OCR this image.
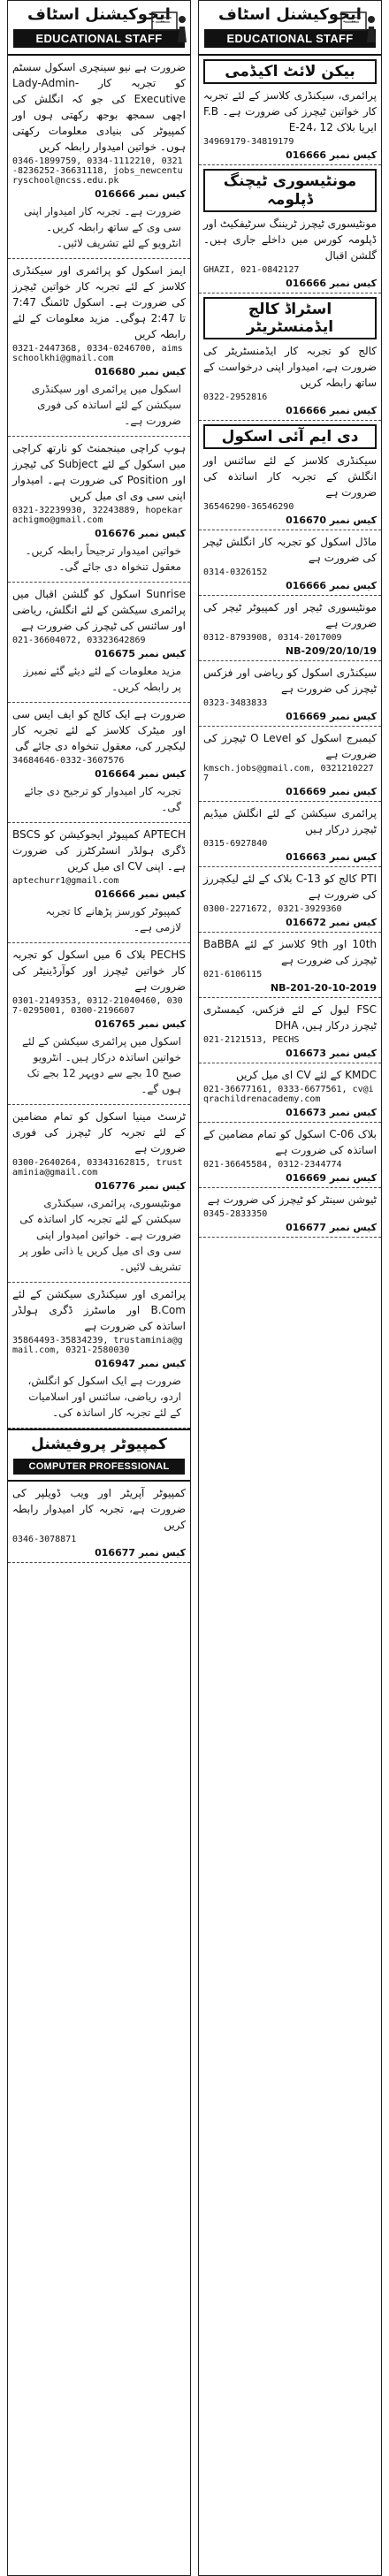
ایجوکیشنل اسٹاف
EDUCATIONAL STAFF
ضرورت ہے نیو سینچری اسکول سسٹم کو تجربہ کار Lady-Admin-Executive کی جو کہ انگلش کی اچھی سمجھ بوجھ رکھتی ہوں اور کمپیوٹر کی بنیادی معلومات رکھتی ہوں۔ خواتین امیدوار رابطہ کریں
0346-1899759, 0334-1112210, 0321-8236252-36631118, jobs_newcenturyschool@ncss.edu.pk
کیس نمبر 016666
ضرورت ہے۔ تجربہ کار امیدوار اپنی سی وی کے ساتھ رابطہ کریں۔ انٹرویو کے لئے تشریف لائیں۔
ایمز اسکول کو پرائمری اور سیکنڈری کلاسز کے لئے تجربہ کار خواتین ٹیچرز کی ضرورت ہے۔ اسکول ٹائمنگ 7:47 تا 2:47 ہوگی۔ مزید معلومات کے لئے رابطہ کریں
0321-2447368, 0334-0246700, aimsschoolkhi@gmail.com
کیس نمبر 016680
اسکول میں پرائمری اور سیکنڈری سیکشن کے لئے اساتذہ کی فوری ضرورت ہے۔
ہوپ کراچی مینجمنٹ کو نارتھ کراچی میں اسکول کے لئے Subject کی ٹیچرز اور Position کی ضرورت ہے۔ امیدوار اپنی سی وی ای میل کریں
0321-32239930, 32243889, hopekarachigmo@gmail.com
کیس نمبر 016676
خواتین امیدوار ترجیحاً رابطہ کریں۔ معقول تنخواہ دی جائے گی۔
Sunrise اسکول کو گلشن اقبال میں پرائمری سیکشن کے لئے انگلش، ریاضی اور سائنس کی ٹیچرز کی ضرورت ہے
021-36604072, 03323642869
کیس نمبر 016675
مزید معلومات کے لئے دیئے گئے نمبرز پر رابطہ کریں۔
ضرورت ہے ایک کالج کو ایف ایس سی اور میٹرک کلاسز کے لئے تجربہ کار لیکچرر کی، معقول تنخواہ دی جائے گی
34684646-0332-3607576
کیس نمبر 016664
تجربہ کار امیدوار کو ترجیح دی جائے گی۔
APTECH کمپیوٹر ایجوکیشن کو BSCS ڈگری ہولڈر انسٹرکٹرز کی ضرورت ہے۔ اپنی CV ای میل کریں
aptechurr1@gmail.com
کیس نمبر 016666
کمپیوٹر کورسز پڑھانے کا تجربہ لازمی ہے۔
PECHS بلاک 6 میں اسکول کو تجربہ کار خواتین ٹیچرز اور کوآرڈینیٹر کی ضرورت ہے
0301-2149353, 0312-21040460, 0307-0295001, 0300-2196607
کیس نمبر 016765
اسکول میں پرائمری سیکشن کے لئے خواتین اساتذہ درکار ہیں۔ انٹرویو صبح 10 بجے سے دوپہر 12 بجے تک ہوں گے۔
ٹرسٹ مینیا اسکول کو تمام مضامین کے لئے تجربہ کار ٹیچرز کی فوری ضرورت ہے
0300-2640264, 03343162815, trustaminia@gmail.com
کیس نمبر 016776
مونٹیسوری، پرائمری، سیکنڈری سیکشن کے لئے تجربہ کار اساتذہ کی ضرورت ہے۔ خواتین امیدوار اپنی سی وی ای میل کریں یا ذاتی طور پر تشریف لائیں۔
پرائمری اور سیکنڈری سیکشن کے لئے B.Com اور ماسٹرز ڈگری ہولڈر اساتذہ کی ضرورت ہے
35864493-35834239, trustaminia@gmail.com, 0321-2580030
کیس نمبر 016947
ضرورت ہے ایک اسکول کو انگلش، اردو، ریاضی، سائنس اور اسلامیات کے لئے تجربہ کار اساتذہ کی۔
کمپیوٹر پروفیشنل
COMPUTER PROFESSIONAL
کمپیوٹر آپریٹر اور ویب ڈویلپر کی ضرورت ہے، تجربہ کار امیدوار رابطہ کریں
0346-3078871
کیس نمبر 016677
ایجوکیشنل اسٹاف
EDUCATIONAL STAFF
بیکن لائٹ اکیڈمی
پرائمری، سیکنڈری کلاسز کے لئے تجربہ کار خواتین ٹیچرز کی ضرورت ہے۔ F.B ایریا بلاک E-24، 12
34969179-34819179
کیس نمبر 016666
مونٹیسوری ٹیچنگ ڈپلومہ
مونٹیسوری ٹیچرز ٹریننگ سرٹیفکیٹ اور ڈپلومہ کورس میں داخلے جاری ہیں۔ گلشن اقبال
GHAZI, 021-0842127
کیس نمبر 016666
اسٹراڈ کالج ایڈمنسٹریٹر
کالج کو تجربہ کار ایڈمنسٹریٹر کی ضرورت ہے، امیدوار اپنی درخواست کے ساتھ رابطہ کریں
0322-2952816
کیس نمبر 016666
دی ایم آئی اسکول
سیکنڈری کلاسز کے لئے سائنس اور انگلش کے تجربہ کار اساتذہ کی ضرورت ہے
36546290-36546290
کیس نمبر 016670
ماڈل اسکول کو تجربہ کار انگلش ٹیچر کی ضرورت ہے
0314-0326152
کیس نمبر 016666
مونٹیسوری ٹیچر اور کمپیوٹر ٹیچر کی ضرورت ہے
0312-8793908, 0314-2017009
NB-209/20/10/19
سیکنڈری اسکول کو ریاضی اور فزکس ٹیچرز کی ضرورت ہے
0323-3483833
کیس نمبر 016669
کیمبرج اسکول کو O Level ٹیچرز کی ضرورت ہے
kmsch.jobs@gmail.com, 03212102277
کیس نمبر 016669
پرائمری سیکشن کے لئے انگلش میڈیم ٹیچرز درکار ہیں
0315-6927840
کیس نمبر 016663
PTI کالج کو C-13 بلاک کے لئے لیکچررز کی ضرورت ہے
0300-2271672, 0321-3929360
کیس نمبر 016672
10th اور 9th کلاسز کے لئے BaBBA ٹیچرز کی ضرورت ہے
021-6106115
NB-201-20-10-2019
FSC لیول کے لئے فزکس، کیمسٹری ٹیچرز درکار ہیں، DHA
021-2121513, PECHS
کیس نمبر 016673
KMDC کے لئے CV ای میل کریں
021-36677161, 0333-6677561, cv@iqrachildrenacademy.com
کیس نمبر 016673
بلاک C-06 اسکول کو تمام مضامین کے اساتذہ کی ضرورت ہے
021-36645584, 0312-2344774
کیس نمبر 016669
ٹیوشن سینٹر کو ٹیچرز کی ضرورت ہے
0345-2833350
کیس نمبر 016677
